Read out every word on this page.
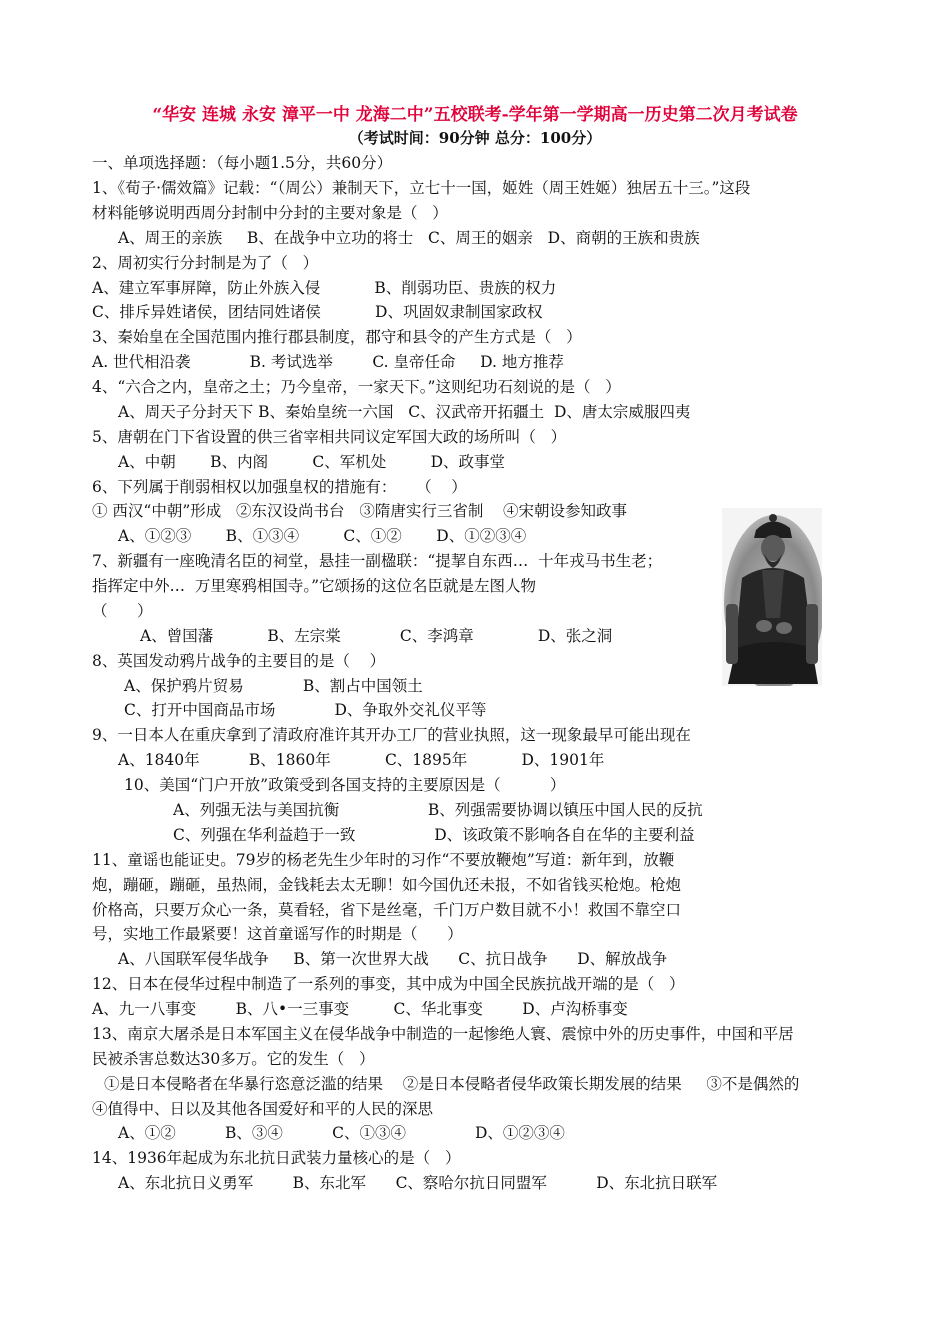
“华安 连城 永安 漳平一中 龙海二中”五校联考-学年第一学期高一历史第二次月考试卷
（考试时间：90分钟 总分：100分）
一、单项选择题：（每小题1.5分，共60分）
1、《荀子·儒效篇》记载：“（周公）兼制天下，立七十一国，姬姓（周王姓姬）独居五十三。”这段
材料能够说明西周分封制中分封的主要对象是（   ）
A、周王的亲族     B、在战争中立功的将士   C、周王的姻亲   D、商朝的王族和贵族
2、周初实行分封制是为了（   ）
A、建立军事屏障，防止外族入侵           B、削弱功臣、贵族的权力
C、排斥异姓诸侯，团结同姓诸侯           D、巩固奴隶制国家政权
3、秦始皇在全国范围内推行郡县制度，郡守和县令的产生方式是（   ）
A. 世代相沿袭            B. 考试选举        C. 皇帝任命     D. 地方推荐
4、“六合之内，皇帝之土；乃今皇帝，一家天下。”这则纪功石刻说的是（   ）
A、周天子分封天下 B、秦始皇统一六国   C、汉武帝开拓疆土  D、唐太宗威服四夷
5、唐朝在门下省设置的供三省宰相共同议定军国大政的场所叫（   ）
A、中朝       B、内阁         C、军机处         D、政事堂
6、下列属于削弱相权以加强皇权的措施有：    （    ）
① 西汉“中朝”形成   ②东汉设尚书台   ③隋唐实行三省制    ④宋朝设参知政事
A、①②③       B、①③④         C、①②       D、①②③④
7、新疆有一座晚清名臣的祠堂，悬挂一副楹联：“提挈自东西…  十年戎马书生老；
指挥定中外…  万里寒鸦相国寺。”它颂扬的这位名臣就是左图人物
（      ）
A、曾国藩           B、左宗棠            C、李鸿章             D、张之洞
8、英国发动鸦片战争的主要目的是（    ）
A、保护鸦片贸易            B、割占中国领土
C、打开中国商品市场            D、争取外交礼仪平等
9、一日本人在重庆拿到了清政府准许其开办工厂的营业执照，这一现象最早可能出现在
A、1840年          B、1860年           C、1895年           D、1901年
10、美国“门户开放”政策受到各国支持的主要原因是（          ）
A、列强无法与美国抗衡                  B、列强需要协调以镇压中国人民的反抗
C、列强在华利益趋于一致                D、该政策不影响各自在华的主要利益
11、童谣也能证史。79岁的杨老先生少年时的习作“不要放鞭炮”写道：新年到，放鞭
炮，蹦砸，蹦砸，虽热闹，金钱耗去太无聊！如今国仇还未报，不如省钱买枪炮。枪炮
价格高，只要万众心一条，莫看轻，省下是丝毫，千门万户数目就不小！救国不靠空口
号，实地工作最紧要！这首童谣写作的时期是（      ）
A、八国联军侵华战争     B、第一次世界大战      C、抗日战争      D、解放战争
12、日本在侵华过程中制造了一系列的事变，其中成为中国全民族抗战开端的是（   ）
A、九一八事变        B、八•一三事变         C、华北事变        D、卢沟桥事变
13、南京大屠杀是日本军国主义在侵华战争中制造的一起惨绝人寰、震惊中外的历史事件，中国和平居
民被杀害总数达30多万。它的发生（   ）
①是日本侵略者在华暴行恣意泛滥的结果    ②是日本侵略者侵华政策长期发展的结果     ③不是偶然的
④值得中、日以及其他各国爱好和平的人民的深思
A、①②          B、③④          C、①③④              D、①②③④
14、1936年起成为东北抗日武装力量核心的是（   ）
A、东北抗日义勇军        B、东北军      C、察哈尔抗日同盟军          D、东北抗日联军
